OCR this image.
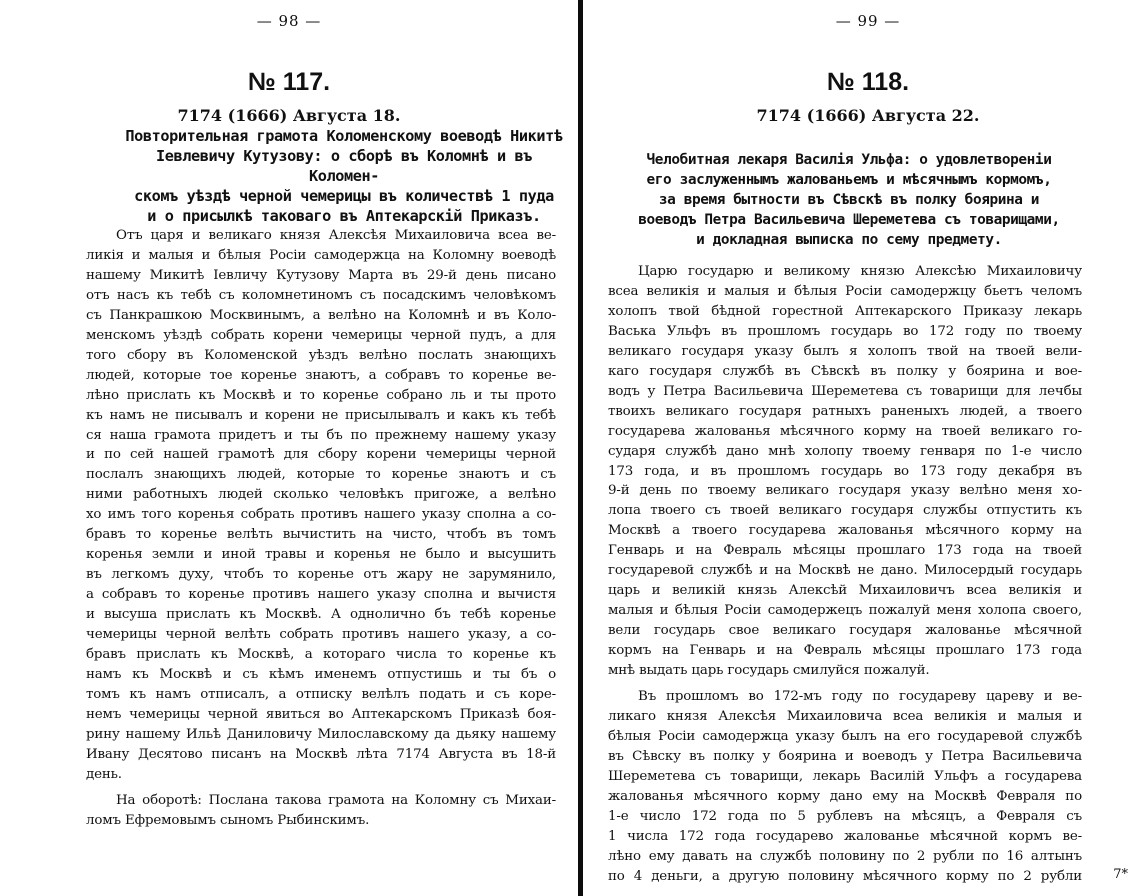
— 98 —
№ 117.
7174 (1666) Августа 18.
Повторительная грамота Коломенскому воеводѣ Никитѣ
Іевлевичу Кутузову: о сборѣ въ Коломнѣ и въ Коломен-
скомъ уѣздѣ черной чемерицы въ количествѣ 1 пуда
и о присылкѣ таковаго въ Аптекарскій Приказъ.
Отъ царя и великаго князя Алексѣя Михаиловича всеа ве-
ликія и малыя и бѣлыя Росіи самодержца на Коломну воеводѣ
нашему Микитѣ Іевличу Кутузову Марта въ 29-й день писано
отъ насъ къ тебѣ съ коломнетиномъ съ посадскимъ человѣкомъ
съ Панкрашкою Москвинымъ, а велѣно на Коломнѣ и въ Коло-
менскомъ уѣздѣ собрать корени чемерицы черной пудъ, а для
того сбору въ Коломенской уѣздъ велѣно послать знающихъ
людей, которые тое коренье знаютъ, а собравъ то коренье ве-
лѣно прислать къ Москвѣ и то коренье собрано ль и ты прото
къ намъ не писывалъ и корени не присылывалъ и какъ къ тебѣ
ся наша грамота придетъ и ты бъ по прежнему нашему указу
и по сей нашей грамотѣ для сбору корени чемерицы черной
послалъ знающихъ людей, которые то коренье знаютъ и съ
ними работныхъ людей сколько человѣкъ пригоже, а велѣно
хо имъ того коренья собрать противъ нашего указу сполна а со-
бравъ то коренье велѣть вычистить на чисто, чтобъ въ томъ
коренья земли и иной травы и коренья не было и высушить
въ легкомъ духу, чтобъ то коренье отъ жару не зарумянило,
а собравъ то коренье противъ нашего указу сполна и вычистя
и высуша прислать къ Москвѣ. А однолично бъ тебѣ коренье
чемерицы черной велѣть собрать противъ нашего указу, а со-
бравъ прислать къ Москвѣ, а котораго числа то коренье къ
намъ къ Москвѣ и съ кѣмъ именемъ отпустишь и ты бъ о
томъ къ намъ отписалъ, а отписку велѣлъ подать и съ коре-
немъ чемерицы черной явиться во Аптекарскомъ Приказѣ боя-
рину нашему Ильѣ Даниловичу Милославскому да дьяку нашему
Ивану Десятово писанъ на Москвѣ лѣта 7174 Августа въ 18-й
день.
На оборотѣ: Послана такова грамота на Коломну съ Михаи-
ломъ Ефремовымъ сыномъ Рыбинскимъ.
— 99 —
№ 118.
7174 (1666) Августа 22.
Челобитная лекаря Василія Ульфа: о удовлетвореніи
его заслуженнымъ жалованьемъ и мѣсячнымъ кормомъ,
за время бытности въ Сѣвскѣ въ полку боярина и
воеводъ Петра Васильевича Шереметева съ товарищами,
и докладная выписка по сему предмету.
Царю государю и великому князю Алексѣю Михаиловичу
всеа великія и малыя и бѣлыя Росіи самодержцу бьетъ челомъ
холопъ твой бѣдной горестной Аптекарского Приказу лекарь
Васька Ульфъ въ прошломъ государь во 172 году по твоему
великаго государя указу былъ я холопъ твой на твоей вели-
каго государя службѣ въ Сѣвскѣ въ полку у боярина и вое-
водъ у Петра Васильевича Шереметева съ товарищи для лечбы
твоихъ великаго государя ратныхъ раненыхъ людей, а твоего
государева жалованья мѣсячного корму на твоей великаго го-
сударя службѣ дано мнѣ холопу твоему генваря по 1-е число
173 года, и въ прошломъ государь во 173 году декабря въ
9-й день по твоему великаго государя указу велѣно меня хо-
лопа твоего съ твоей великаго государя службы отпустить къ
Москвѣ а твоего государева жалованья мѣсячного корму на
Генварь и на Февраль мѣсяцы прошлаго 173 года на твоей
государевой службѣ и на Москвѣ не дано. Милосердый государь
царь и великій князь Алексѣй Михаиловичъ всеа великія и
малыя и бѣлыя Росіи самодержецъ пожалуй меня холопа своего,
вели государь свое великаго государя жалованье мѣсячной
кормъ на Генварь и на Февраль мѣсяцы прошлаго 173 года
мнѣ выдать царь государь смилуйся пожалуй.
Въ прошломъ во 172-мъ году по государеву цареву и ве-
ликаго князя Алексѣя Михаиловича всеа великія и малыя и
бѣлыя Росіи самодержца указу былъ на его государевой службѣ
въ Сѣвску въ полку у боярина и воеводъ у Петра Васильевича
Шереметева съ товарищи, лекарь Василій Ульфъ а государева
жалованья мѣсячного корму дано ему на Москвѣ Февраля по
1-е число 172 года по 5 рублевъ на мѣсяцъ, а Февраля съ
1 числа 172 года государево жалованье мѣсячной кормъ ве-
лѣно ему давать на службѣ половину по 2 рубли по 16 алтынъ
по 4 деньги, а другую половину мѣсячного корму по 2 рубли 7*
